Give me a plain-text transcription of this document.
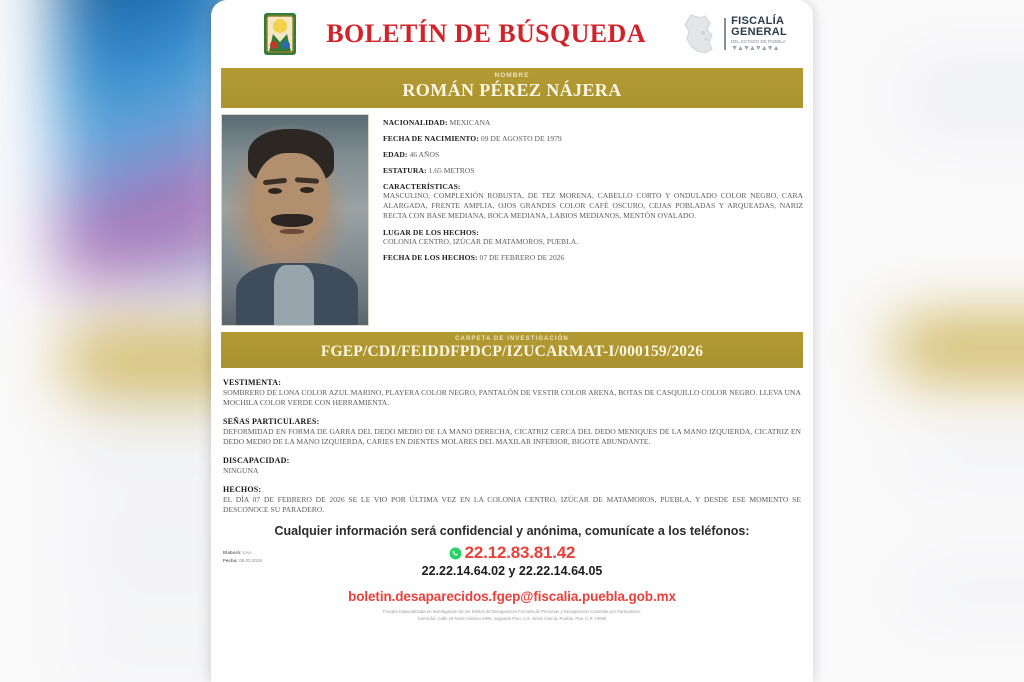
BOLETÍN DE BÚSQUEDA	FISCALÍA
GENERAL
DEL ESTADO DE PUEBLA
▼▲▼▲▼▲▼▲
NOMBRE
ROMÁN PÉREZ NÁJERA
NACIONALIDAD: MEXICANA
FECHA DE NACIMIENTO: 09 DE AGOSTO DE 1979
EDAD: 46 AÑOS
ESTATURA: 1.65 METROS
CARACTERÍSTICAS:
MASCULINO, COMPLEXIÓN ROBUSTA, DE TEZ MORENA, CABELLO CORTO Y ONDULADO COLOR NEGRO, CARA ALARGADA, FRENTE AMPLIA, OJOS GRANDES COLOR CAFÉ OSCURO, CEJAS POBLADAS Y ARQUEADAS, NARIZ RECTA CON BASE MEDIANA, BOCA MEDIANA, LABIOS MEDIANOS, MENTÓN OVALADO.
LUGAR DE LOS HECHOS:
COLONIA CENTRO, IZÚCAR DE MATAMOROS, PUEBLA.
FECHA DE LOS HECHOS: 07 DE FEBRERO DE 2026
CARPETA DE INVESTIGACIÓN
FGEP/CDI/FEIDDFPDCP/IZUCARMAT-I/000159/2026
VESTIMENTA:
SOMBRERO DE LONA COLOR AZUL MARINO, PLAYERA COLOR NEGRO, PANTALÓN DE VESTIR COLOR ARENA, BOTAS DE CASQUILLO COLOR NEGRO. LLEVA UNA MOCHILA COLOR VERDE CON HERRAMIENTA.
SEÑAS PARTICULARES:
DEFORMIDAD EN FORMA DE GARRA DEL DEDO MEDIO DE LA MANO DERECHA, CICATRIZ CERCA DEL DEDO MENIQUES DE LA MANO IZQUIERDA, CICATRIZ EN DEDO MEDIO DE LA MANO IZQUIERDA, CARIES EN DIENTES MOLARES DEL MAXILAR INFERIOR, BIGOTE ABUNDANTE.
DISCAPACIDAD:
NINGUNA
HECHOS:
EL DÍA 07 DE FEBRERO DE 2026 SE LE VIO POR ÚLTIMA VEZ EN LA COLONIA CENTRO, IZÚCAR DE MATAMOROS, PUEBLA, Y DESDE ESE MOMENTO SE DESCONOCE SU PARADERO.
Cualquier información será confidencial y anónima, comunícate a los teléfonos:
Elaboró: LAA
Fecha: 08.02.2026	22.12.83.81.42
22.22.14.64.02 y 22.22.14.64.05
boletin.desaparecidos.fgep@fiscalia.puebla.gob.mx
Fiscalía Especializada en Investigación de los Delitos de Desaparición Forzada de Personas y Desaparición Cometida por Particulares.
Domicilio: Calle 19 Norte número 1905, Segundo Piso, Col. Jesús García, Puebla, Pue. C.P. 72090
